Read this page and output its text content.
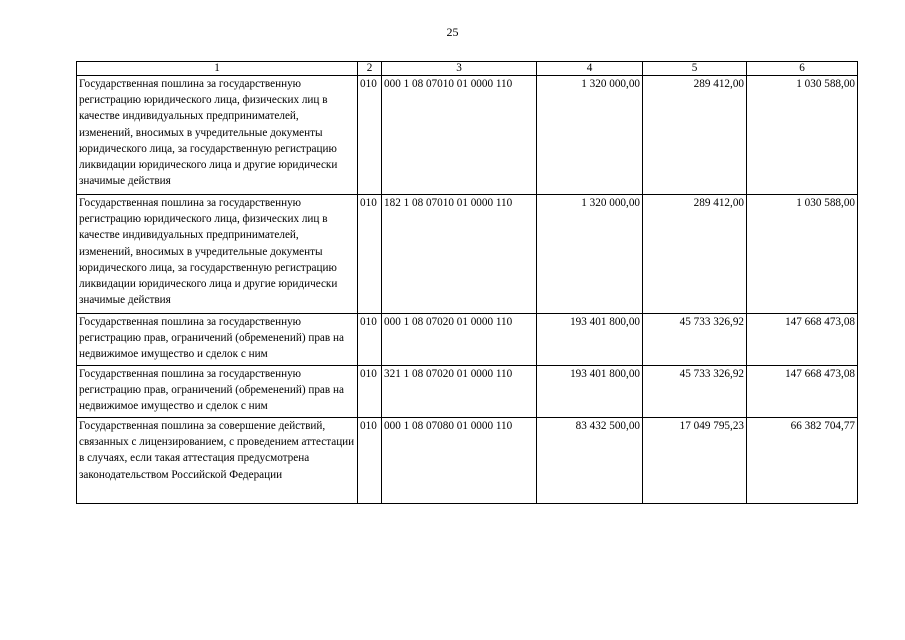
25
1	2	3	4	5	6
Государственная пошлина за государственную регистрацию юридического лица, физических лиц в качестве индивидуальных предпринимателей, изменений, вносимых в учредительные документы юридического лица, за государственную регистрацию ликвидации юридического лица и другие юридически значимые действия	010	000 1 08 07010 01 0000 110	1 320 000,00	289 412,00	1 030 588,00
Государственная пошлина за государственную регистрацию юридического лица, физических лиц в качестве индивидуальных предпринимателей, изменений, вносимых в учредительные документы юридического лица, за государственную регистрацию ликвидации юридического лица и другие юридически значимые действия	010	182 1 08 07010 01 0000 110	1 320 000,00	289 412,00	1 030 588,00
Государственная пошлина за государственную регистрацию прав, ограничений (обременений) прав на недвижимое имущество и сделок с ним	010	000 1 08 07020 01 0000 110	193 401 800,00	45 733 326,92	147 668 473,08
Государственная пошлина за государственную регистрацию прав, ограничений (обременений) прав на недвижимое имущество и сделок с ним	010	321 1 08 07020 01 0000 110	193 401 800,00	45 733 326,92	147 668 473,08
Государственная пошлина за совершение действий, связанных с лицензированием, с проведением аттестации в случаях, если такая аттестация предусмотрена законодательством Российской Федерации	010	000 1 08 07080 01 0000 110	83 432 500,00	17 049 795,23	66 382 704,77
